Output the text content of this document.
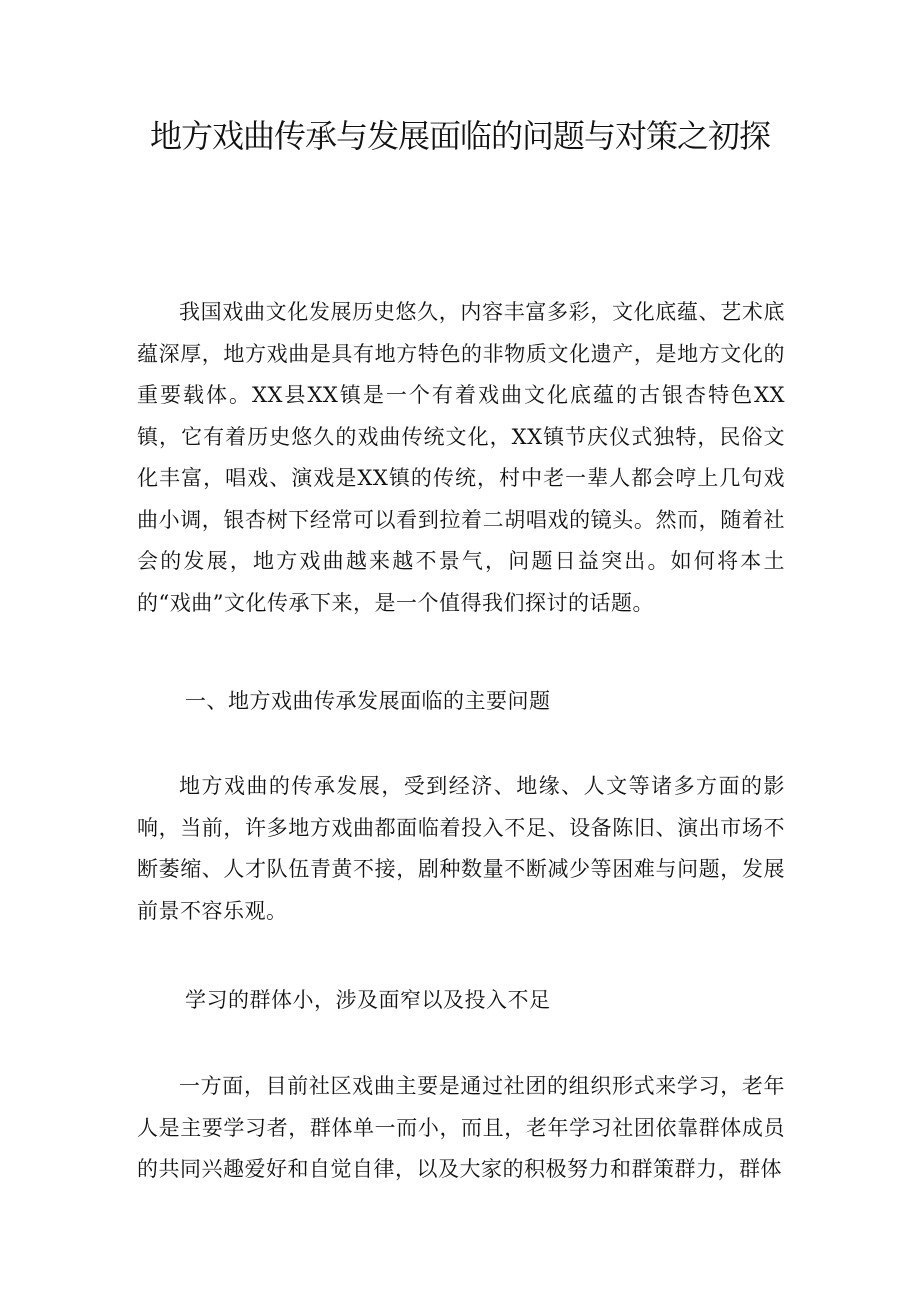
地方戏曲传承与发展面临的问题与对策之初探

我国戏曲文化发展历史悠久，内容丰富多彩，文化底蕴、艺术底蕴深厚，地方戏曲是具有地方特色的非物质文化遗产，是地方文化的重要载体。XX县XX镇是一个有着戏曲文化底蕴的古银杏特色XX镇，它有着历史悠久的戏曲传统文化，XX镇节庆仪式独特，民俗文化丰富，唱戏、演戏是XX镇的传统，村中老一辈人都会哼上几句戏曲小调，银杏树下经常可以看到拉着二胡唱戏的镜头。然而，随着社会的发展，地方戏曲越来越不景气，问题日益突出。如何将本土的“戏曲”文化传承下来，是一个值得我们探讨的话题。

一、地方戏曲传承发展面临的主要问题

地方戏曲的传承发展，受到经济、地缘、人文等诸多方面的影响，当前，许多地方戏曲都面临着投入不足、设备陈旧、演出市场不断萎缩、人才队伍青黄不接，剧种数量不断减少等困难与问题，发展前景不容乐观。

学习的群体小，涉及面窄以及投入不足

一方面，目前社区戏曲主要是通过社团的组织形式来学习，老年人是主要学习者，群体单一而小，而且，老年学习社团依靠群体成员的共同兴趣爱好和自觉自律，以及大家的积极努力和群策群力，群体
